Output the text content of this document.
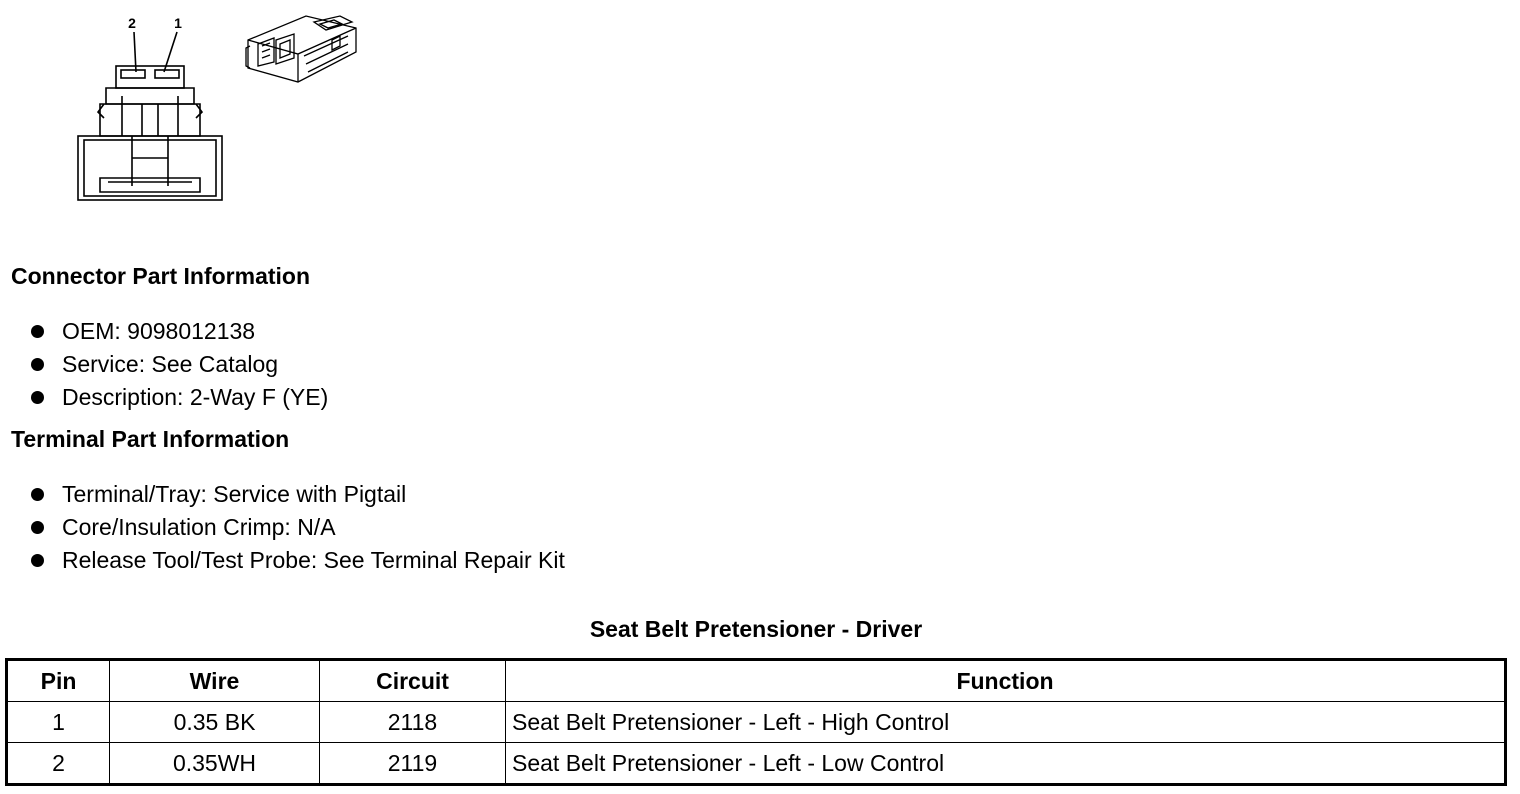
2	1
Connector Part Information
OEM: 9098012138
Service: See Catalog
Description: 2-Way F (YE)
Terminal Part Information
Terminal/Tray: Service with Pigtail
Core/Insulation Crimp: N/A
Release Tool/Test Probe: See Terminal Repair Kit
Seat Belt Pretensioner - Driver
Pin	Wire	Circuit	Function
1	0.35 BK	2118	Seat Belt Pretensioner - Left - High Control
2	0.35WH	2119	Seat Belt Pretensioner - Left - Low Control
